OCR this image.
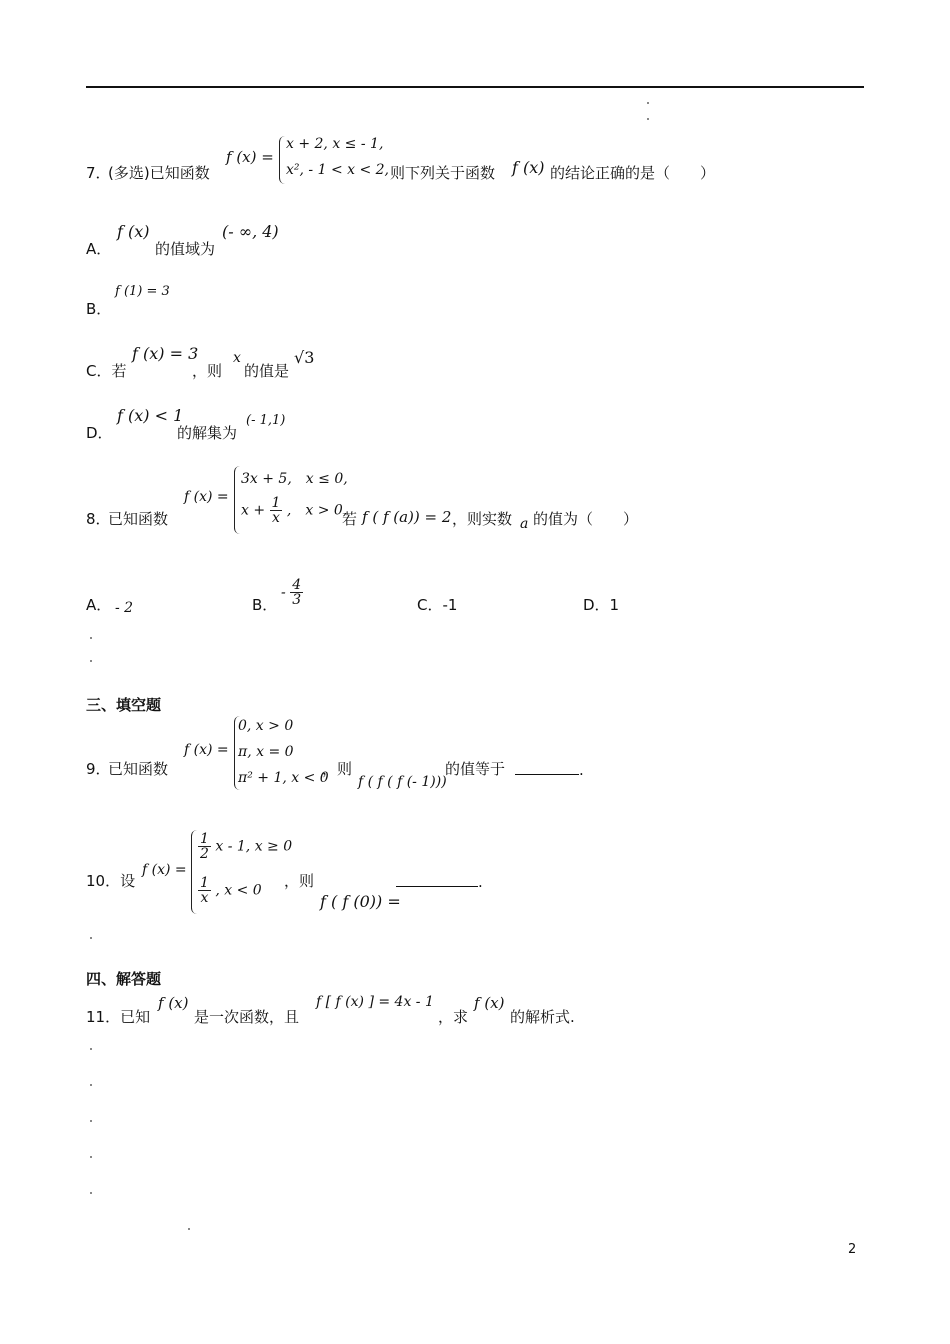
7．
(多选)已知函数
f (x) =
x + 2, x ≤ - 1,
x², - 1 < x < 2, 则下列关于函数 f (x) 的结论正确的是（　　）
A．
f (x)
的值域为
(- ∞, 4)
B．
f (1) = 3
C．若
f (x) = 3
，则
x
的值是
√3
D．
f (x) < 1
的解集为
(- 1,1)
8．
已知函数
f (x) =
3x + 5,　x ≤ 0,
$x + \frac{1}{x}$ ,　x > 0,
若 f ( f (a)) = 2 ，则实数 a 的值为（　　）
A． - 2	B．
- $\frac{4}{3}$	C．-1	D．1
三、填空题
9．
已知函数
f (x) =
0, x > 0
π, x = 0
π² + 1, x < 0
，则
f ( f ( f (- 1)))
的值等于	.
10．设
f (x) =
$\frac{1}{2}$ x - 1, x ≥ 0
$\frac{1}{x}$ , x < 0
，则
f ( f (0)) =
.
四、解答题
11．已知
f (x)
是一次函数，且
f [ f (x) ] = 4x - 1
，求
f (x)
的解析式.
2
